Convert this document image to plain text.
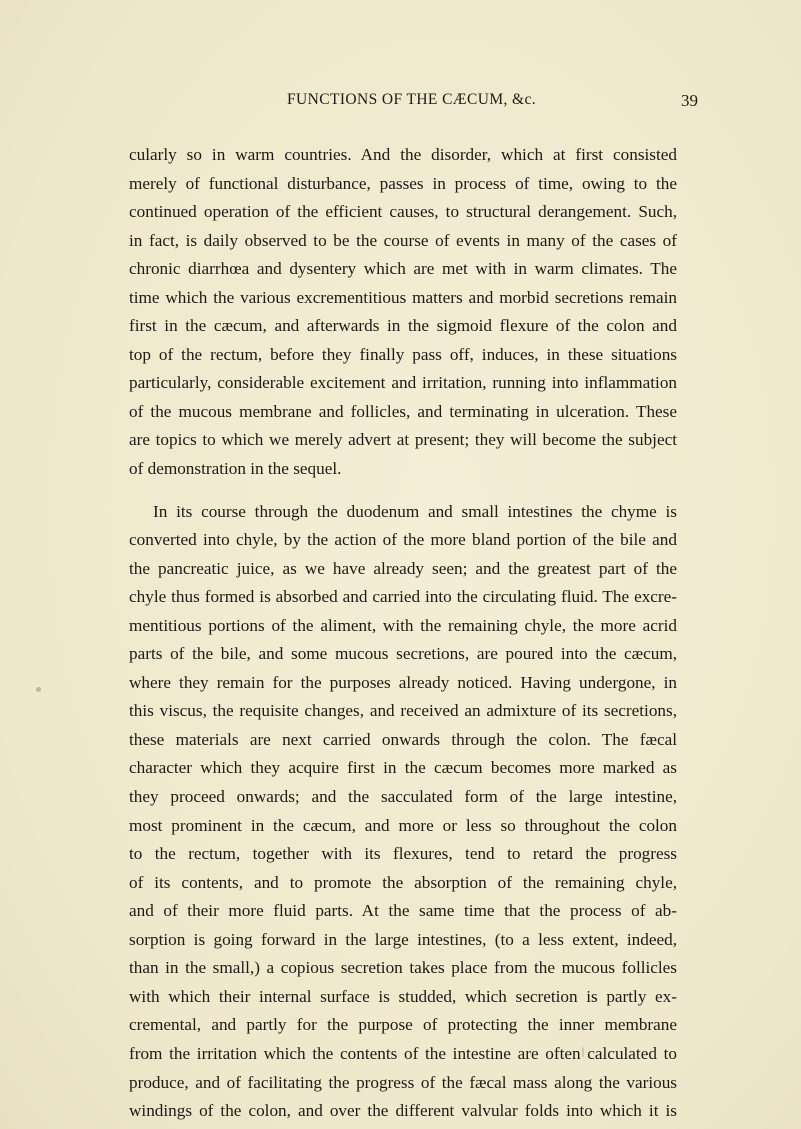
FUNCTIONS OF THE CÆCUM, &c.	39
cularly so in warm countries. And the disorder, which at first consisted
merely of functional disturbance, passes in process of time, owing to the
continued operation of the efficient causes, to structural derangement. Such,
in fact, is daily observed to be the course of events in many of the cases of
chronic diarrhœa and dysentery which are met with in warm climates. The
time which the various excrementitious matters and morbid secretions remain
first in the cæcum, and afterwards in the sigmoid flexure of the colon and
top of the rectum, before they finally pass off, induces, in these situations
particularly, considerable excitement and irritation, running into inflammation
of the mucous membrane and follicles, and terminating in ulceration. These
are topics to which we merely advert at present; they will become the subject
of demonstration in the sequel.
In its course through the duodenum and small intestines the chyme is
converted into chyle, by the action of the more bland portion of the bile and
the pancreatic juice, as we have already seen; and the greatest part of the
chyle thus formed is absorbed and carried into the circulating fluid. The excre-
mentitious portions of the aliment, with the remaining chyle, the more acrid
parts of the bile, and some mucous secretions, are poured into the cæcum,
where they remain for the purposes already noticed. Having undergone, in
this viscus, the requisite changes, and received an admixture of its secretions,
these materials are next carried onwards through the colon. The fæcal
character which they acquire first in the cæcum becomes more marked as
they proceed onwards; and the sacculated form of the large intestine,
most prominent in the cæcum, and more or less so throughout the colon
to the rectum, together with its flexures, tend to retard the progress
of its contents, and to promote the absorption of the remaining chyle,
and of their more fluid parts. At the same time that the process of ab-
sorption is going forward in the large intestines, (to a less extent, indeed,
than in the small,) a copious secretion takes place from the mucous follicles
with which their internal surface is studded, which secretion is partly ex-
cremental, and partly for the purpose of protecting the inner membrane
from the irritation which the contents of the intestine are often calculated to
produce, and of facilitating the progress of the fæcal mass along the various
windings of the colon, and over the different valvular folds into which it is
